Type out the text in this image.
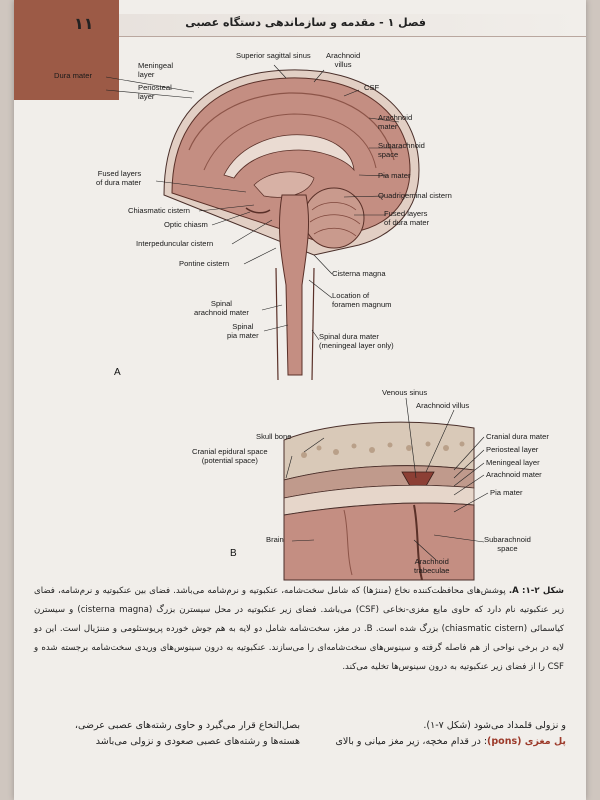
۱۱	فصل ۱ - مقدمه و سازماندهی دستگاه عصبی
Dura mater
Meningeal
layer
Periosteal
layer
Superior sagittal sinus Arachnoid
villus
CSF
Arachnoid
mater
Subarachnoid
space
Pia mater
Quadrigeminal cistern
Fused layers
of dura mater
Fused layers
of dura mater
Chiasmatic cistern
Optic chiasm
Interpeduncular cistern
Pontine cistern
Cisterna magna
Location of
foramen magnum
Spinal
arachnoid mater
Spinal
pia mater	Spinal dura mater
(meningeal layer only)
A
Venous sinus
Arachnoid villus
Skull bone
Cranial epidural space
(potential space)
Cranial dura mater
Periosteal layer
Meningeal layer
Arachnoid mater
Pia mater
Brain	Subarachnoid
space
Arachnoid
trabeculae
B
شکل ۲-۱: A. پوشش‌های محافظت‌کننده نخاع (مننژها) که شامل سخت‌شامه، عنکبوتیه و نرم‌شامه می‌باشد. فضای بین عنکبوتیه و نرم‌شامه، فضای زیر عنکبوتیه نام دارد که حاوی مایع مغزی-نخاعی (CSF) می‌باشد. فضای زیر عنکبوتیه در محل سیسترن بزرگ (cisterna magna) و سیسترن کیاسمائی (chiasmatic cistern) بزرگ شده است. B. در مغز، سخت‌شامه شامل دو لایه به هم جوش خورده پریوستئومی و مننژیال است. این دو لایه در برخی نواحی از هم فاصله گرفته و سینوس‌های سخت‌شامه‌ای را می‌سازند. عنکبوتیه به درون سینوس‌های وریدی سخت‌شامه برجسته شده و CSF را از فضای زیر عنکبوتیه به درون سینوس‌ها تخلیه می‌کند.
و نزولی قلمداد می‌شود (شکل ۷-۱).
پل مغزی (pons): در قدام مخچه، زیر مغز میانی و بالای
بصل‌النخاع قرار می‌گیرد و حاوی رشته‌های عصبی عرضی،
هسته‌ها و رشته‌های عصبی صعودی و نزولی می‌باشد
